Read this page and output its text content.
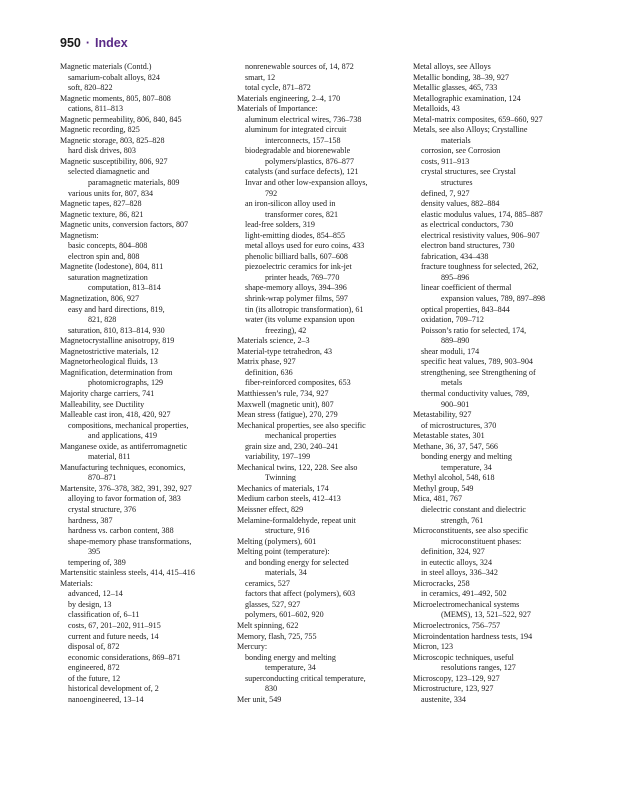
950 · Index
Magnetic materials (Contd.)
samarium-cobalt alloys, 824
soft, 820–822
Magnetic moments, 805, 807–808
cations, 811–813
Magnetic permeability, 806, 840, 845
Magnetic recording, 825
Magnetic storage, 803, 825–828
hard disk drives, 803
Magnetic susceptibility, 806, 927
selected diamagnetic and
paramagnetic materials, 809
various units for, 807, 834
Magnetic tapes, 827–828
Magnetic texture, 86, 821
Magnetic units, conversion factors, 807
Magnetism:
basic concepts, 804–808
electron spin and, 808
Magnetite (lodestone), 804, 811
saturation magnetization
computation, 813–814
Magnetization, 806, 927
easy and hard directions, 819,
821, 828
saturation, 810, 813–814, 930
Magnetocrystalline anisotropy, 819
Magnetostrictive materials, 12
Magnetorheological fluids, 13
Magnification, determination from
photomicrographs, 129
Majority charge carriers, 741
Malleability, see Ductility
Malleable cast iron, 418, 420, 927
compositions, mechanical properties,
and applications, 419
Manganese oxide, as antiferromagnetic
material, 811
Manufacturing techniques, economics,
870–871
Martensite, 376–378, 382, 391, 392, 927
alloying to favor formation of, 383
crystal structure, 376
hardness, 387
hardness vs. carbon content, 388
shape-memory phase transformations,
395
tempering of, 389
Martensitic stainless steels, 414, 415–416
Materials:
advanced, 12–14
by design, 13
classification of, 6–11
costs, 67, 201–202, 911–915
current and future needs, 14
disposal of, 872
economic considerations, 869–871
engineered, 872
of the future, 12
historical development of, 2
nanoengineered, 13–14
nonrenewable sources of, 14, 872
smart, 12
total cycle, 871–872
Materials engineering, 2–4, 170
Materials of Importance:
aluminum electrical wires, 736–738
aluminum for integrated circuit
interconnects, 157–158
biodegradable and biorenewable
polymers/plastics, 876–877
catalysts (and surface defects), 121
Invar and other low-expansion alloys,
792
an iron-silicon alloy used in
transformer cores, 821
lead-free solders, 319
light-emitting diodes, 854–855
metal alloys used for euro coins, 433
phenolic billiard balls, 607–608
piezoelectric ceramics for ink-jet
printer heads, 769–770
shape-memory alloys, 394–396
shrink-wrap polymer films, 597
tin (its allotropic transformation), 61
water (its volume expansion upon
freezing), 42
Materials science, 2–3
Material-type tetrahedron, 43
Matrix phase, 927
definition, 636
fiber-reinforced composites, 653
Matthiessen’s rule, 734, 927
Maxwell (magnetic unit), 807
Mean stress (fatigue), 270, 279
Mechanical properties, see also specific
mechanical properties
grain size and, 230, 240–241
variability, 197–199
Mechanical twins, 122, 228. See also
Twinning
Mechanics of materials, 174
Medium carbon steels, 412–413
Meissner effect, 829
Melamine-formaldehyde, repeat unit
structure, 916
Melting (polymers), 601
Melting point (temperature):
and bonding energy for selected
materials, 34
ceramics, 527
factors that affect (polymers), 603
glasses, 527, 927
polymers, 601–602, 920
Melt spinning, 622
Memory, flash, 725, 755
Mercury:
bonding energy and melting
temperature, 34
superconducting critical temperature,
830
Mer unit, 549
Metal alloys, see Alloys
Metallic bonding, 38–39, 927
Metallic glasses, 465, 733
Metallographic examination, 124
Metalloids, 43
Metal-matrix composites, 659–660, 927
Metals, see also Alloys; Crystalline
materials
corrosion, see Corrosion
costs, 911–913
crystal structures, see Crystal
structures
defined, 7, 927
density values, 882–884
elastic modulus values, 174, 885–887
as electrical conductors, 730
electrical resistivity values, 906–907
electron band structures, 730
fabrication, 434–438
fracture toughness for selected, 262,
895–896
linear coefficient of thermal
expansion values, 789, 897–898
optical properties, 843–844
oxidation, 709–712
Poisson’s ratio for selected, 174,
889–890
shear moduli, 174
specific heat values, 789, 903–904
strengthening, see Strengthening of
metals
thermal conductivity values, 789,
900–901
Metastability, 927
of microstructures, 370
Metastable states, 301
Methane, 36, 37, 547, 566
bonding energy and melting
temperature, 34
Methyl alcohol, 548, 618
Methyl group, 549
Mica, 481, 767
dielectric constant and dielectric
strength, 761
Microconstituents, see also specific
microconstituent phases:
definition, 324, 927
in eutectic alloys, 324
in steel alloys, 336–342
Microcracks, 258
in ceramics, 491–492, 502
Microelectromechanical systems
(MEMS), 13, 521–522, 927
Microelectronics, 756–757
Microindentation hardness tests, 194
Micron, 123
Microscopic techniques, useful
resolutions ranges, 127
Microscopy, 123–129, 927
Microstructure, 123, 927
austenite, 334
